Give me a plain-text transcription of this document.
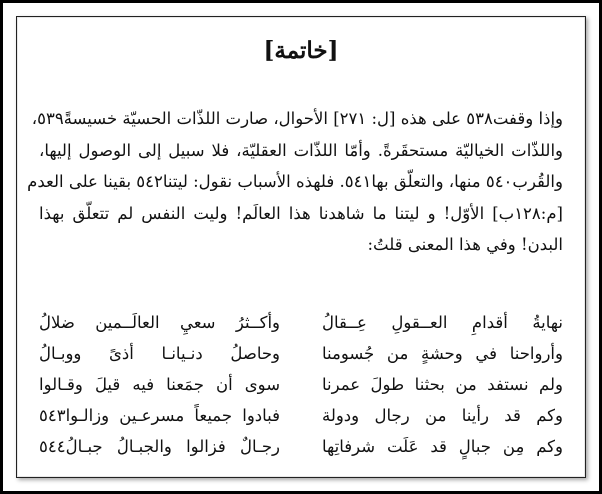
[خاتمة]
وإذا وقفت٥٣٨ على هذه [ل: ٢٧١] الأحوال، صارت اللذّات الحسيّة خسيسةً٥٣٩،
واللذّات الخياليّة مستحقَرةً. وأمّا اللذّات العقليّة، فلا سبيل إلى الوصول إليها،
والقُرب٥٤٠ منها، والتعلّق بها٥٤١. فلهذه الأسباب نقول: ليتنا٥٤٢ بقينا على العدم
[م:١٢٨ب] الأوّل! و ليتنا ما شاهدنا هذا العالَم! وليت النفس لم تتعلّق بهذا
البدن! وفي هذا المعنى قلتُ:
نهايةُ أقدامِ العــقولِ عِــقالُ
وأكــثرُ سعيِ العالَــمين ضلالُ
وأرواحنا في وحشةٍ من جُسومنا
وحاصلُ دنـيانـا أذىً ووبـالُ
ولم نستفد من بحثنا طولَ عمرنا
سوى أن جمَعنا فيه قيلَ وقـالوا
وكم قد رأينا من رجال ودولة
فبادوا جميعاً مسرعـين وزالـوا٥٤٣
وكم مِن جبالٍ قد عَلَت شرفاتِها
رجـالٌ فزالوا والجبـالُ جبـالُ٥٤٤
